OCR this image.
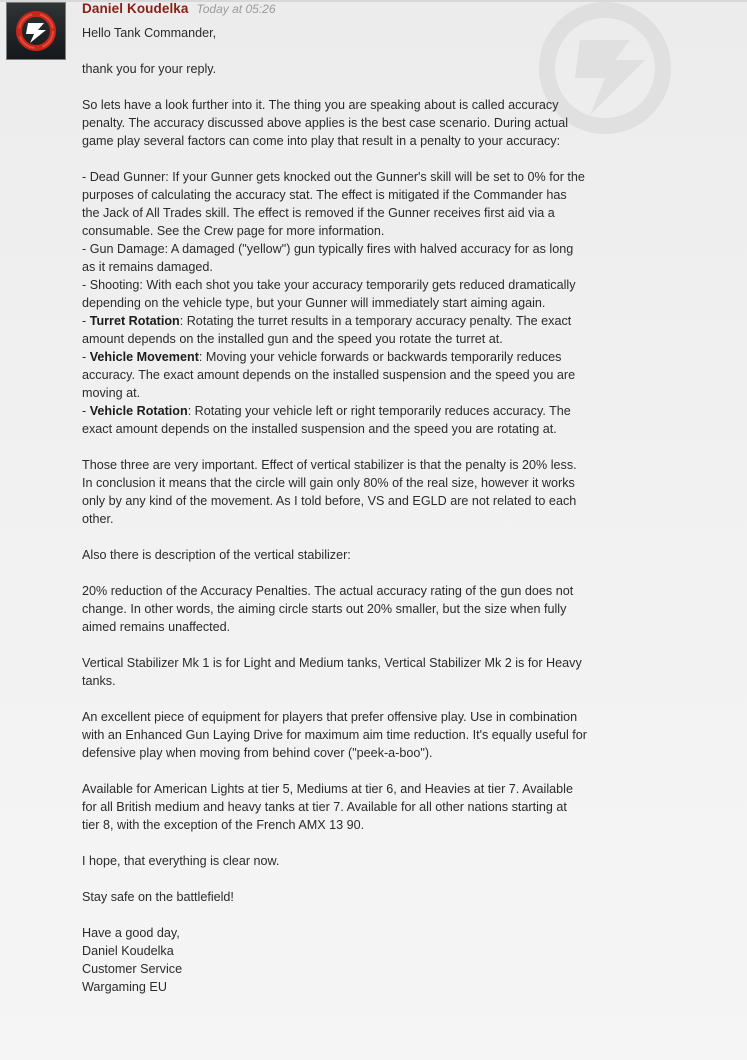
Daniel Koudelka Today at 05:26

Hello Tank Commander,

thank you for your reply.

So lets have a look further into it. The thing you are speaking about is called accuracy penalty. The accuracy discussed above applies is the best case scenario. During actual game play several factors can come into play that result in a penalty to your accuracy:

- Dead Gunner: If your Gunner gets knocked out the Gunner's skill will be set to 0% for the purposes of calculating the accuracy stat. The effect is mitigated if the Commander has the Jack of All Trades skill. The effect is removed if the Gunner receives first aid via a consumable. See the Crew page for more information.
- Gun Damage: A damaged ("yellow") gun typically fires with halved accuracy for as long as it remains damaged.
- Shooting: With each shot you take your accuracy temporarily gets reduced dramatically depending on the vehicle type, but your Gunner will immediately start aiming again.
- Turret Rotation: Rotating the turret results in a temporary accuracy penalty. The exact amount depends on the installed gun and the speed you rotate the turret at.
- Vehicle Movement: Moving your vehicle forwards or backwards temporarily reduces accuracy. The exact amount depends on the installed suspension and the speed you are moving at.
- Vehicle Rotation: Rotating your vehicle left or right temporarily reduces accuracy. The exact amount depends on the installed suspension and the speed you are rotating at.

Those three are very important. Effect of vertical stabilizer is that the penalty is 20% less. In conclusion it means that the circle will gain only 80% of the real size, however it works only by any kind of the movement. As I told before, VS and EGLD are not related to each other.

Also there is description of the vertical stabilizer:

20% reduction of the Accuracy Penalties. The actual accuracy rating of the gun does not change. In other words, the aiming circle starts out 20% smaller, but the size when fully aimed remains unaffected.

Vertical Stabilizer Mk 1 is for Light and Medium tanks, Vertical Stabilizer Mk 2 is for Heavy tanks.

An excellent piece of equipment for players that prefer offensive play. Use in combination with an Enhanced Gun Laying Drive for maximum aim time reduction. It's equally useful for defensive play when moving from behind cover ("peek-a-boo").

Available for American Lights at tier 5, Mediums at tier 6, and Heavies at tier 7. Available for all British medium and heavy tanks at tier 7. Available for all other nations starting at tier 8, with the exception of the French AMX 13 90.

I hope, that everything is clear now.

Stay safe on the battlefield!

Have a good day,
Daniel Koudelka
Customer Service
Wargaming EU
